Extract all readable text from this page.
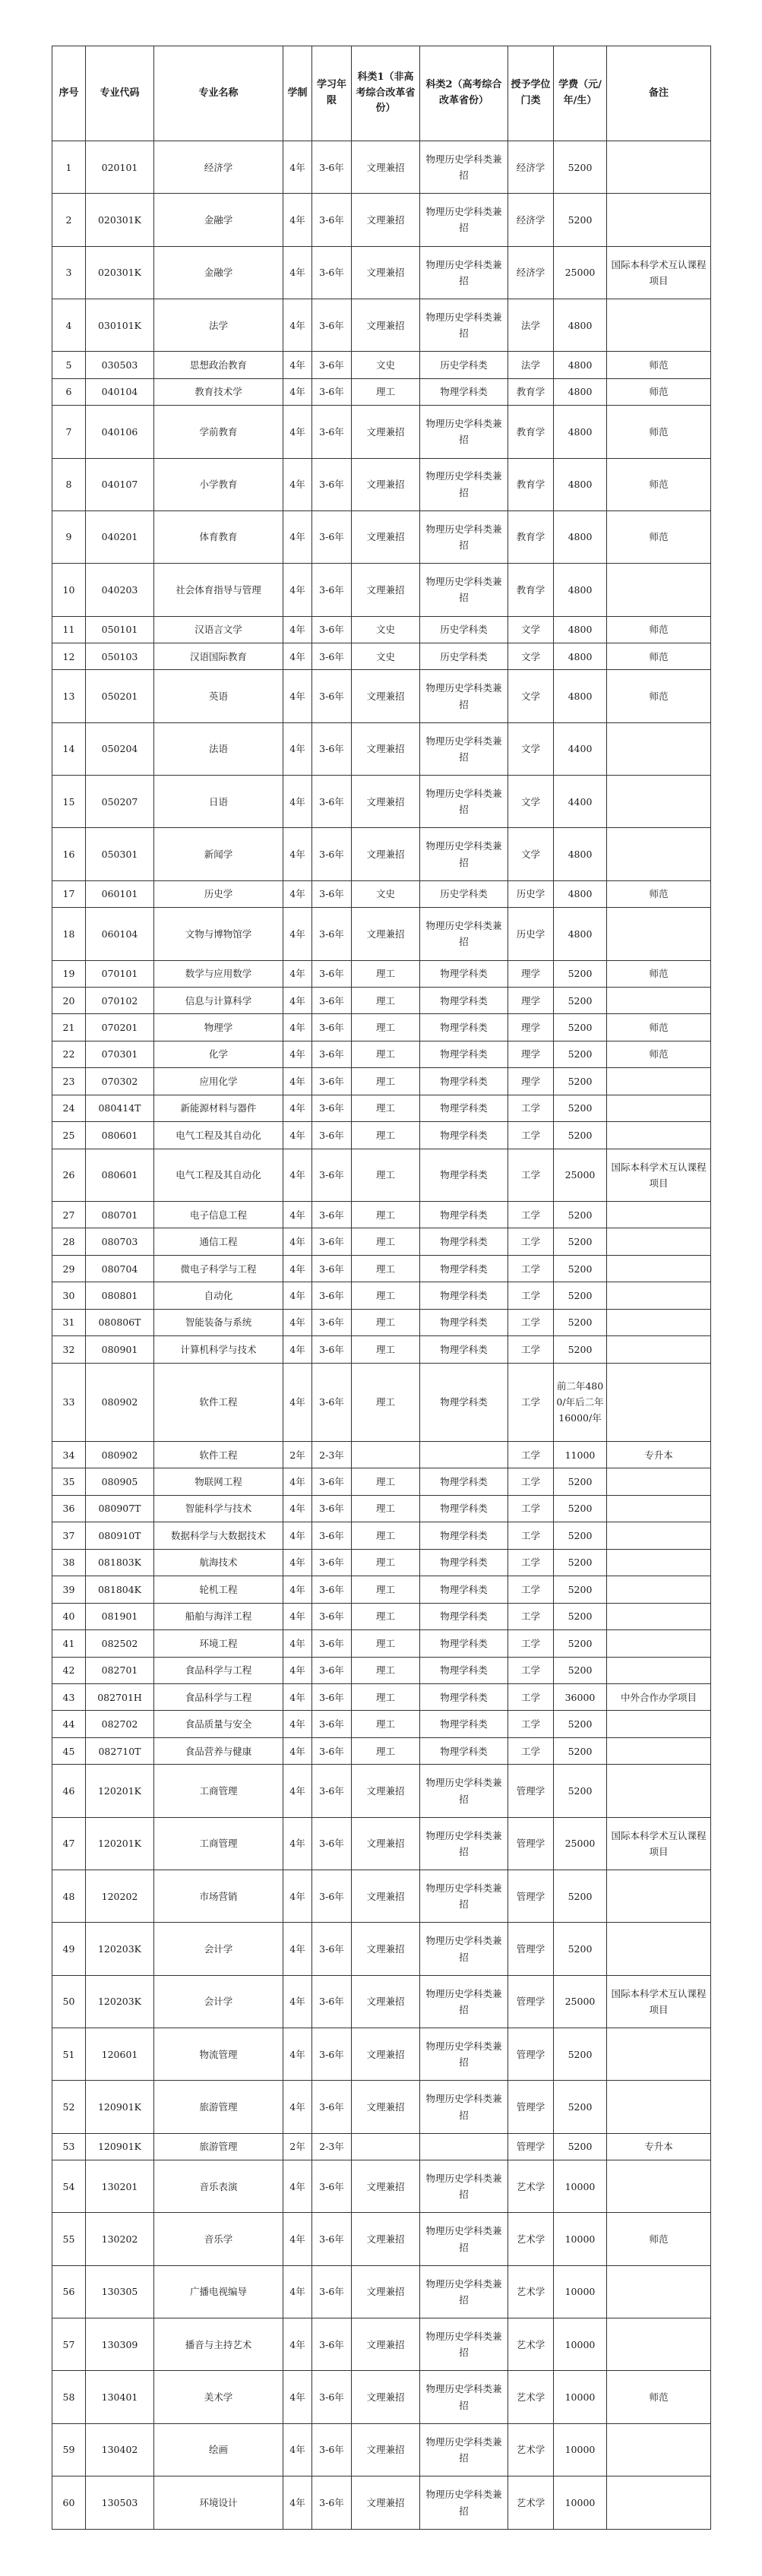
序号	专业代码	专业名称	学制	学习年限	科类1（非高考综合改革省份）	科类2（高考综合改革省份）	授予学位门类	学费（元/年/生）	备注
1	020101	经济学	4年	3-6年	文理兼招	物理历史学科类兼招	经济学	5200	
2	020301K	金融学	4年	3-6年	文理兼招	物理历史学科类兼招	经济学	5200	
3	020301K	金融学	4年	3-6年	文理兼招	物理历史学科类兼招	经济学	25000	国际本科学术互认课程项目
4	030101K	法学	4年	3-6年	文理兼招	物理历史学科类兼招	法学	4800	
5	030503	思想政治教育	4年	3-6年	文史	历史学科类	法学	4800	师范
6	040104	教育技术学	4年	3-6年	理工	物理学科类	教育学	4800	师范
7	040106	学前教育	4年	3-6年	文理兼招	物理历史学科类兼招	教育学	4800	师范
8	040107	小学教育	4年	3-6年	文理兼招	物理历史学科类兼招	教育学	4800	师范
9	040201	体育教育	4年	3-6年	文理兼招	物理历史学科类兼招	教育学	4800	师范
10	040203	社会体育指导与管理	4年	3-6年	文理兼招	物理历史学科类兼招	教育学	4800	
11	050101	汉语言文学	4年	3-6年	文史	历史学科类	文学	4800	师范
12	050103	汉语国际教育	4年	3-6年	文史	历史学科类	文学	4800	师范
13	050201	英语	4年	3-6年	文理兼招	物理历史学科类兼招	文学	4800	师范
14	050204	法语	4年	3-6年	文理兼招	物理历史学科类兼招	文学	4400	
15	050207	日语	4年	3-6年	文理兼招	物理历史学科类兼招	文学	4400	
16	050301	新闻学	4年	3-6年	文理兼招	物理历史学科类兼招	文学	4800	
17	060101	历史学	4年	3-6年	文史	历史学科类	历史学	4800	师范
18	060104	文物与博物馆学	4年	3-6年	文理兼招	物理历史学科类兼招	历史学	4800	
19	070101	数学与应用数学	4年	3-6年	理工	物理学科类	理学	5200	师范
20	070102	信息与计算科学	4年	3-6年	理工	物理学科类	理学	5200	
21	070201	物理学	4年	3-6年	理工	物理学科类	理学	5200	师范
22	070301	化学	4年	3-6年	理工	物理学科类	理学	5200	师范
23	070302	应用化学	4年	3-6年	理工	物理学科类	理学	5200	
24	080414T	新能源材料与器件	4年	3-6年	理工	物理学科类	工学	5200	
25	080601	电气工程及其自动化	4年	3-6年	理工	物理学科类	工学	5200	
26	080601	电气工程及其自动化	4年	3-6年	理工	物理学科类	工学	25000	国际本科学术互认课程项目
27	080701	电子信息工程	4年	3-6年	理工	物理学科类	工学	5200	
28	080703	通信工程	4年	3-6年	理工	物理学科类	工学	5200	
29	080704	微电子科学与工程	4年	3-6年	理工	物理学科类	工学	5200	
30	080801	自动化	4年	3-6年	理工	物理学科类	工学	5200	
31	080806T	智能装备与系统	4年	3-6年	理工	物理学科类	工学	5200	
32	080901	计算机科学与技术	4年	3-6年	理工	物理学科类	工学	5200	
33	080902	软件工程	4年	3-6年	理工	物理学科类	工学	前二年4800/年后二年16000/年	
34	080902	软件工程	2年	2-3年			工学	11000	专升本
35	080905	物联网工程	4年	3-6年	理工	物理学科类	工学	5200	
36	080907T	智能科学与技术	4年	3-6年	理工	物理学科类	工学	5200	
37	080910T	数据科学与大数据技术	4年	3-6年	理工	物理学科类	工学	5200	
38	081803K	航海技术	4年	3-6年	理工	物理学科类	工学	5200	
39	081804K	轮机工程	4年	3-6年	理工	物理学科类	工学	5200	
40	081901	船舶与海洋工程	4年	3-6年	理工	物理学科类	工学	5200	
41	082502	环境工程	4年	3-6年	理工	物理学科类	工学	5200	
42	082701	食品科学与工程	4年	3-6年	理工	物理学科类	工学	5200	
43	082701H	食品科学与工程	4年	3-6年	理工	物理学科类	工学	36000	中外合作办学项目
44	082702	食品质量与安全	4年	3-6年	理工	物理学科类	工学	5200	
45	082710T	食品营养与健康	4年	3-6年	理工	物理学科类	工学	5200	
46	120201K	工商管理	4年	3-6年	文理兼招	物理历史学科类兼招	管理学	5200	
47	120201K	工商管理	4年	3-6年	文理兼招	物理历史学科类兼招	管理学	25000	国际本科学术互认课程项目
48	120202	市场营销	4年	3-6年	文理兼招	物理历史学科类兼招	管理学	5200	
49	120203K	会计学	4年	3-6年	文理兼招	物理历史学科类兼招	管理学	5200	
50	120203K	会计学	4年	3-6年	文理兼招	物理历史学科类兼招	管理学	25000	国际本科学术互认课程项目
51	120601	物流管理	4年	3-6年	文理兼招	物理历史学科类兼招	管理学	5200	
52	120901K	旅游管理	4年	3-6年	文理兼招	物理历史学科类兼招	管理学	5200	
53	120901K	旅游管理	2年	2-3年			管理学	5200	专升本
54	130201	音乐表演	4年	3-6年	文理兼招	物理历史学科类兼招	艺术学	10000	
55	130202	音乐学	4年	3-6年	文理兼招	物理历史学科类兼招	艺术学	10000	师范
56	130305	广播电视编导	4年	3-6年	文理兼招	物理历史学科类兼招	艺术学	10000	
57	130309	播音与主持艺术	4年	3-6年	文理兼招	物理历史学科类兼招	艺术学	10000	
58	130401	美术学	4年	3-6年	文理兼招	物理历史学科类兼招	艺术学	10000	师范
59	130402	绘画	4年	3-6年	文理兼招	物理历史学科类兼招	艺术学	10000	
60	130503	环境设计	4年	3-6年	文理兼招	物理历史学科类兼招	艺术学	10000	
